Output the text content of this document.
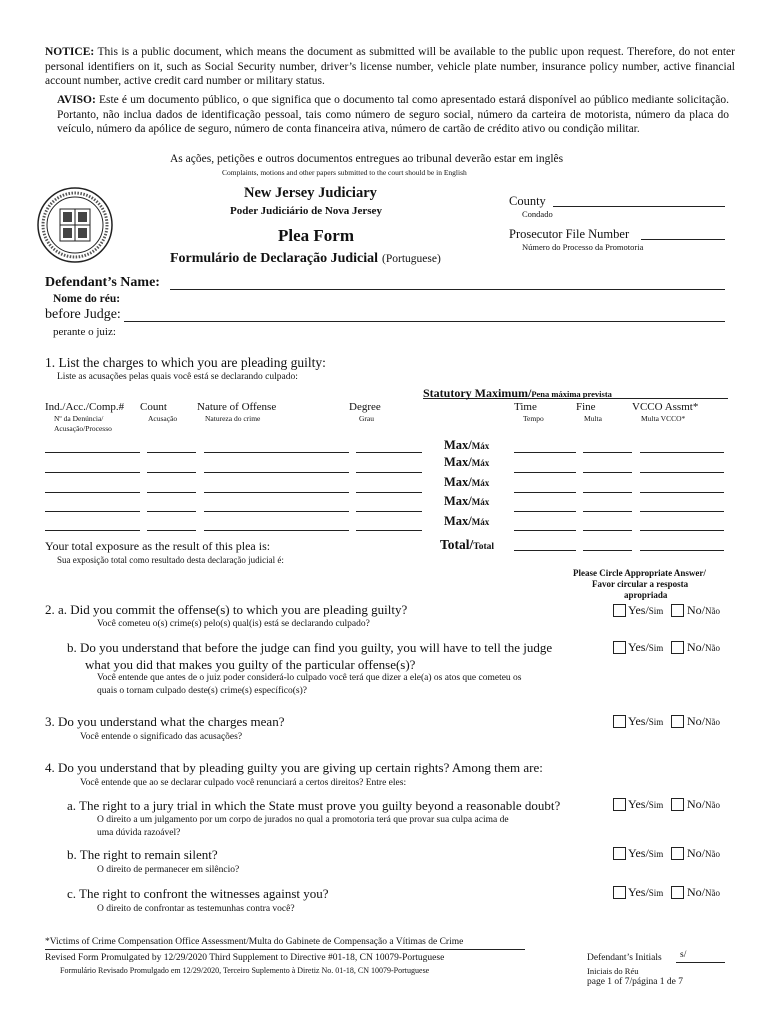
NOTICE: This is a public document, which means the document as submitted will be available to the public upon request. Therefore, do not enter personal identifiers on it, such as Social Security number, driver’s license number, vehicle plate number, insurance policy number, active financial account number, active credit card number or military status.
AVISO: Este é um documento público, o que significa que o documento tal como apresentado estará disponível ao público mediante solicitação. Portanto, não inclua dados de identificação pessoal, tais como número de seguro social, número da carteira de motorista, número da placa do veículo, número da apólice de seguro, número de conta financeira ativa, número de cartão de crédito ativo ou condição militar.
As ações, petições e outros documentos entregues ao tribunal deverão estar em inglês
Complaints, motions and other papers submitted to the court should be in English
New Jersey Judiciary
Poder Judiciário de Nova Jersey
Plea Form
Formulário de Declaração Judicial (Portuguese)
County
Condado
Prosecutor File Number
Número do Processo da Promotoria
Defendant’s Name:
Nome do réu:
before Judge:
perante o juiz:
1. List the charges to which you are pleading guilty:
Liste as acusações pelas quais você está se declarando culpado:
Statutory Maximum/Pena máxima prevista
Ind./Acc./Comp.#
Nº da Denúncia/
Acusação/Processo
Count
Acusação
Nature of Offense
Natureza do crime
Degree
Grau
Time
Tempo
Fine
Multa
VCCO Assmt*
Multa VCCO*
Max/Máx
Max/Máx
Max/Máx
Max/Máx
Max/Máx
Your total exposure as the result of this plea is:
Sua exposição total como resultado desta declaração judicial é:
Total/Total
Please Circle Appropriate Answer/
Favor circular a resposta
apropriada
2. a. Did you commit the offense(s) to which you are pleading guilty?
Você cometeu o(s) crime(s) pelo(s) qual(is) está se declarando culpado?
Yes/Sim No/Não
b. Do you understand that before the judge can find you guilty, you will have to tell the judge
what you did that makes you guilty of the particular offense(s)?
Você entende que antes de o juiz poder considerá-lo culpado você terá que dizer a ele(a) os atos que cometeu os
quais o tornam culpado deste(s) crime(s) específico(s)?
Yes/Sim No/Não
3. Do you understand what the charges mean?
Você entende o significado das acusações?
Yes/Sim No/Não
4. Do you understand that by pleading guilty you are giving up certain rights? Among them are:
Você entende que ao se declarar culpado você renunciará a certos direitos? Entre eles:
a. The right to a jury trial in which the State must prove you guilty beyond a reasonable doubt?
O direito a um julgamento por um corpo de jurados no qual a promotoria terá que provar sua culpa acima de
uma dúvida razoável?
Yes/Sim No/Não
b. The right to remain silent?
O direito de permanecer em silêncio?
Yes/Sim No/Não
c. The right to confront the witnesses against you?
O direito de confrontar as testemunhas contra você?
Yes/Sim No/Não
*Victims of Crime Compensation Office Assessment/Multa do Gabinete de Compensação a Vítimas de Crime
Revised Form Promulgated by 12/29/2020 Third Supplement to Directive #01-18, CN 10079-Portuguese
Formulário Revisado Promulgado em 12/29/2020, Terceiro Suplemento à Diretiz No. 01-18, CN 10079-Portuguese
Defendant’s Initials s/
Iniciais do Réu
page 1 of 7/página 1 de 7
